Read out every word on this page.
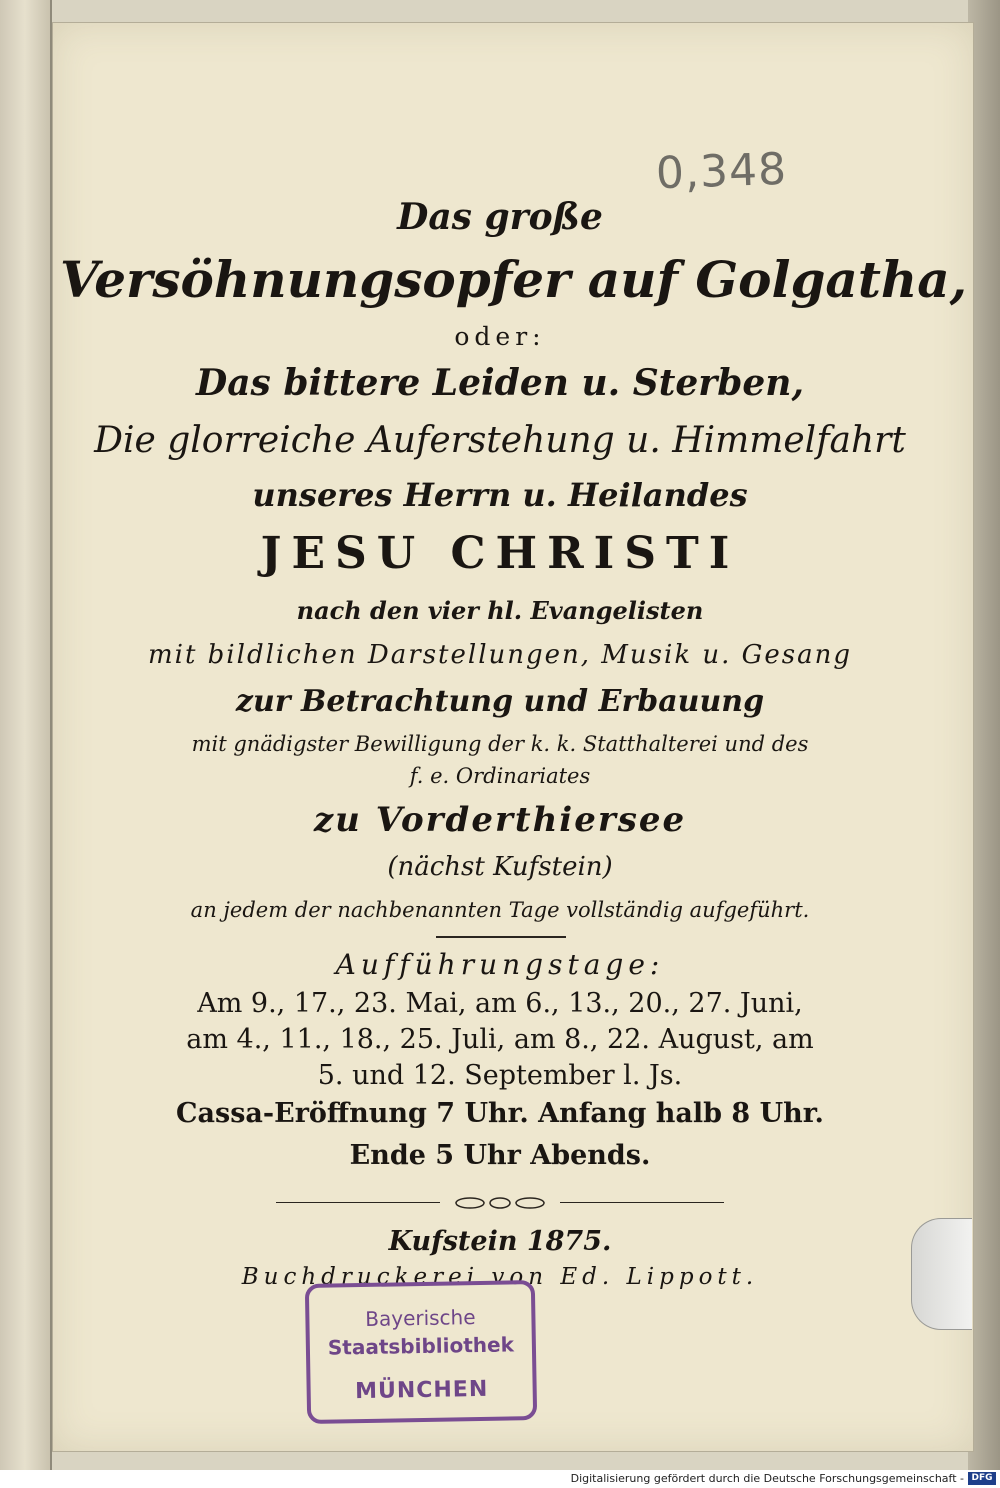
0,348
Das große
Versöhnungsopfer auf Golgatha,
oder:
Das bittere Leiden u. Sterben,
Die glorreiche Auferstehung u. Himmelfahrt
unseres Herrn u. Heilandes
JESU CHRISTI
nach den vier hl. Evangelisten
mit bildlichen Darstellungen, Musik u. Gesang
zur Betrachtung und Erbauung
mit gnädigster Bewilligung der k. k. Statthalterei und des
f. e. Ordinariates
zu Vorderthiersee
(nächst Kufstein)
an jedem der nachbenannten Tage vollständig aufgeführt.
Aufführungstage:
Am 9., 17., 23. Mai, am 6., 13., 20., 27. Juni,
am 4., 11., 18., 25. Juli, am 8., 22. August, am
5. und 12. September l. Js.
Cassa-Eröffnung 7 Uhr. Anfang halb 8 Uhr.
Ende 5 Uhr Abends.
Kufstein 1875.
Buchdruckerei von Ed. Lippott.
Bayerische
Staatsbibliothek
MÜNCHEN
Digitalisierung gefördert durch die Deutsche Forschungsgemeinschaft - DFG
